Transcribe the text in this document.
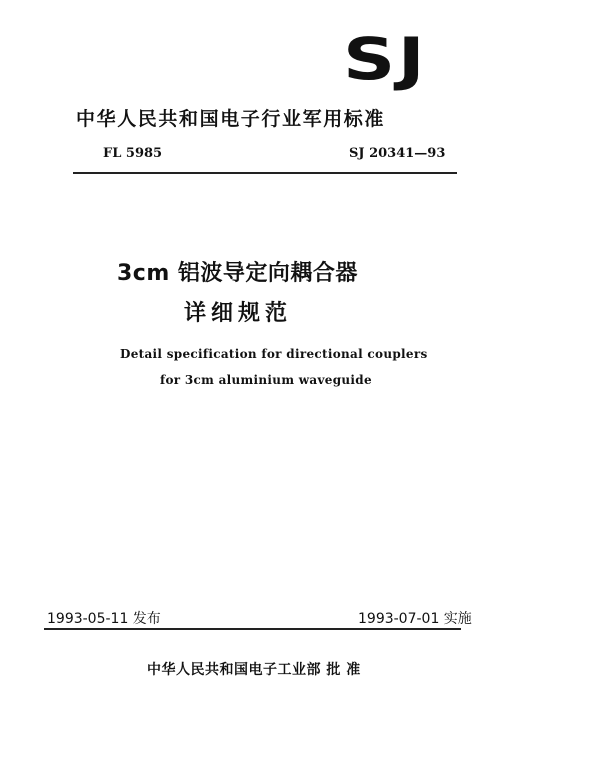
SJ
中华人民共和国电子行业军用标准
FL 5985	SJ 20341—93
3cm 铝波导定向耦合器
详细规范
Detail specification for directional couplers
for 3cm aluminium waveguide
1993-05-11 发布	1993-07-01 实施
中华人民共和国电子工业部 批 准
